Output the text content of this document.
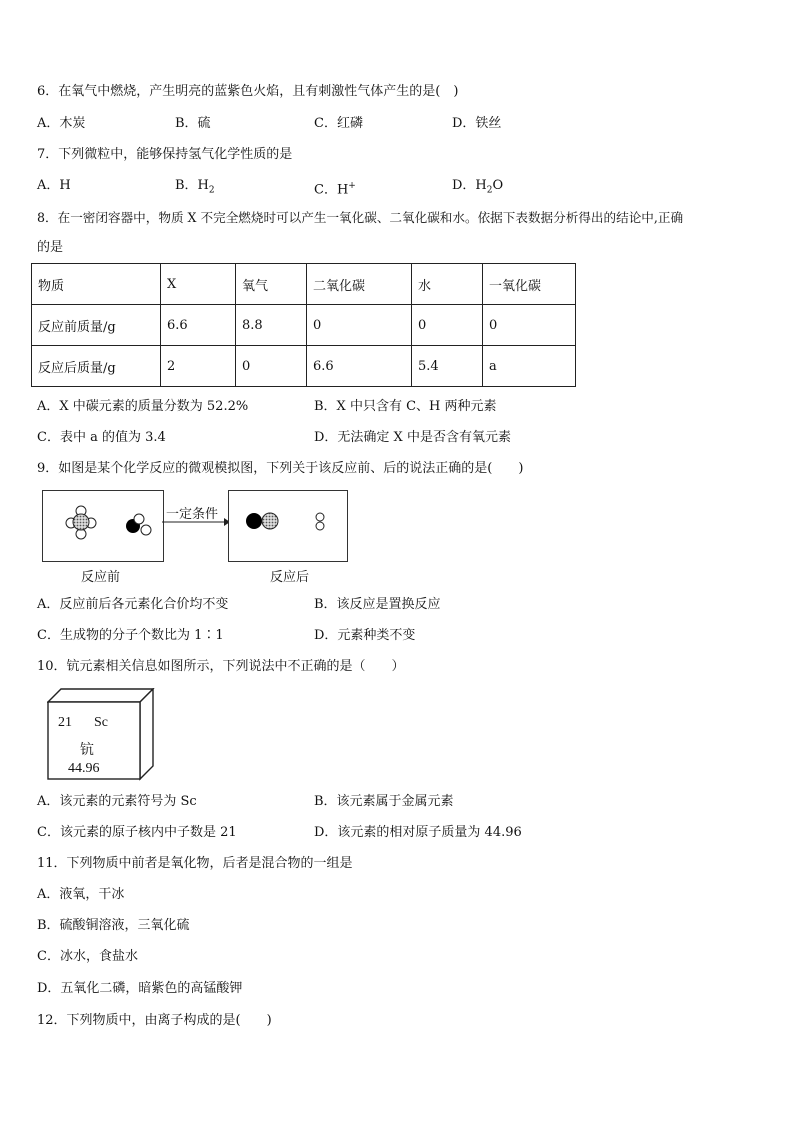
6．在氧气中燃烧，产生明亮的蓝紫色火焰，且有刺激性气体产生的是(　)
A．木炭	B．硫	C．红磷	D．铁丝
7．下列微粒中，能够保持氢气化学性质的是
A．H	B．$H_2$	C．H+	D．$H_2O$
8．在一密闭容器中，物质 X 不完全燃烧时可以产生一氧化碳、二氧化碳和水。依据下表数据分析得出的结论中,正确
的是
物质	X	氧气	二氧化碳	水	一氧化碳
反应前质量/g	6.6	8.8	0	0	0
反应后质量/g	2	0	6.6	5.4	a
A．X 中碳元素的质量分数为 52.2%	B．X 中只含有 C、H 两种元素
C．表中 a 的值为 3.4	D．无法确定 X 中是否含有氧元素
9．如图是某个化学反应的微观模拟图，下列关于该反应前、后的说法正确的是(　　)
一定条件
反应前	反应后
A．反应前后各元素化合价均不变	B．该反应是置换反应
C．生成物的分子个数比为 1∶1	D．元素种类不变
10．钪元素相关信息如图所示，下列说法中不正确的是（　　）
21 Sc
钪
44.96
A．该元素的元素符号为 Sc	B．该元素属于金属元素
C．该元素的原子核内中子数是 21	D．该元素的相对原子质量为 44.96
11．下列物质中前者是氧化物，后者是混合物的一组是
A．液氧，干冰
B．硫酸铜溶液，三氧化硫
C．冰水，食盐水
D．五氧化二磷，暗紫色的高锰酸钾
12．下列物质中，由离子构成的是(　　)
